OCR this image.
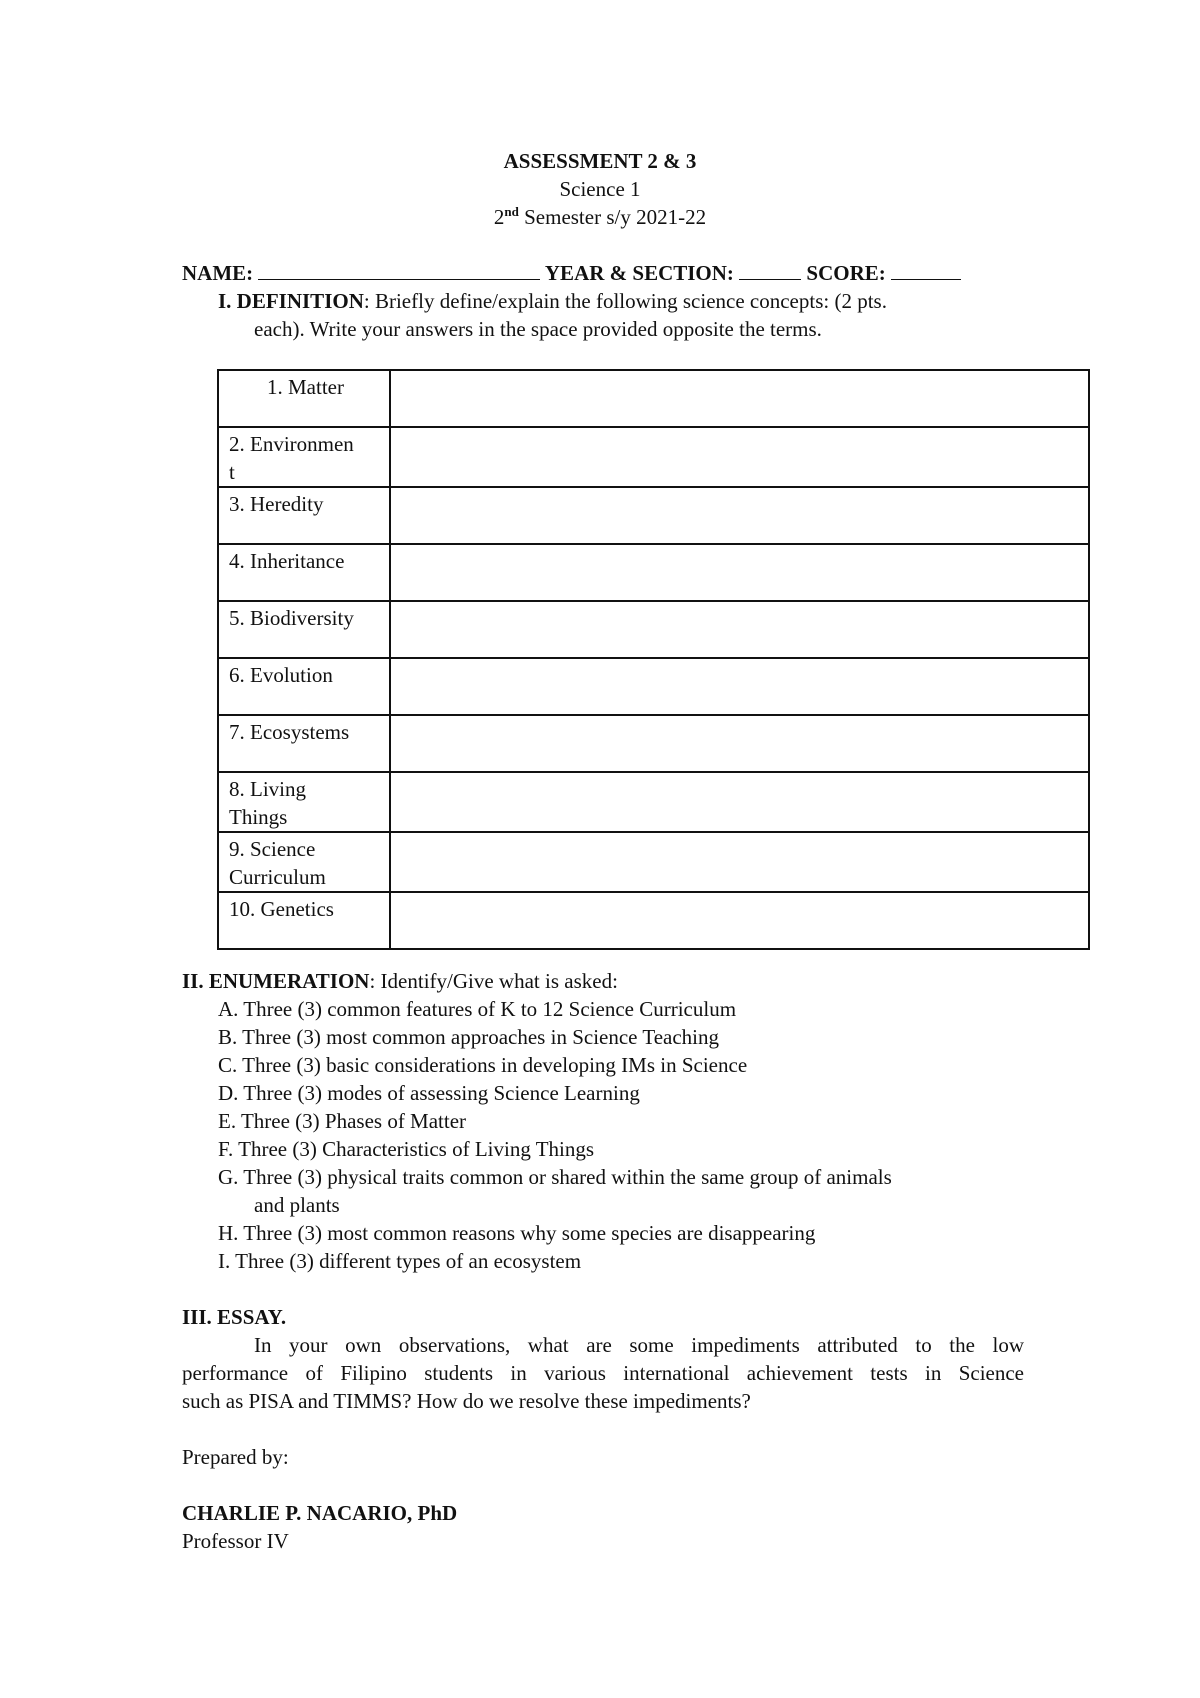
ASSESSMENT 2 & 3
Science 1
2nd Semester s/y 2021-22
NAME:	YEAR & SECTION:	SCORE:
I. DEFINITION: Briefly define/explain the following science concepts: (2 pts.
each). Write your answers in the space provided opposite the terms.
1. Matter	

2. Environmen
t	

3. Heredity	

4. Inheritance	

5. Biodiversity	

6. Evolution	

7. Ecosystems	

8. Living
Things	

9. Science
Curriculum	

10. Genetics	

II. ENUMERATION: Identify/Give what is asked:
A. Three (3) common features of K to 12 Science Curriculum
B. Three (3) most common approaches in Science Teaching
C. Three (3) basic considerations in developing IMs in Science
D. Three (3) modes of assessing Science Learning
E. Three (3) Phases of Matter
F. Three (3) Characteristics of Living Things
G. Three (3) physical traits common or shared within the same group of animals
and plants
H. Three (3) most common reasons why some species are disappearing
I. Three (3) different types of an ecosystem
III. ESSAY.
In your own observations, what are some impediments attributed to the low
performance of Filipino students in various international achievement tests in Science
such as PISA and TIMMS? How do we resolve these impediments?
Prepared by:
CHARLIE P. NACARIO, PhD
Professor IV
